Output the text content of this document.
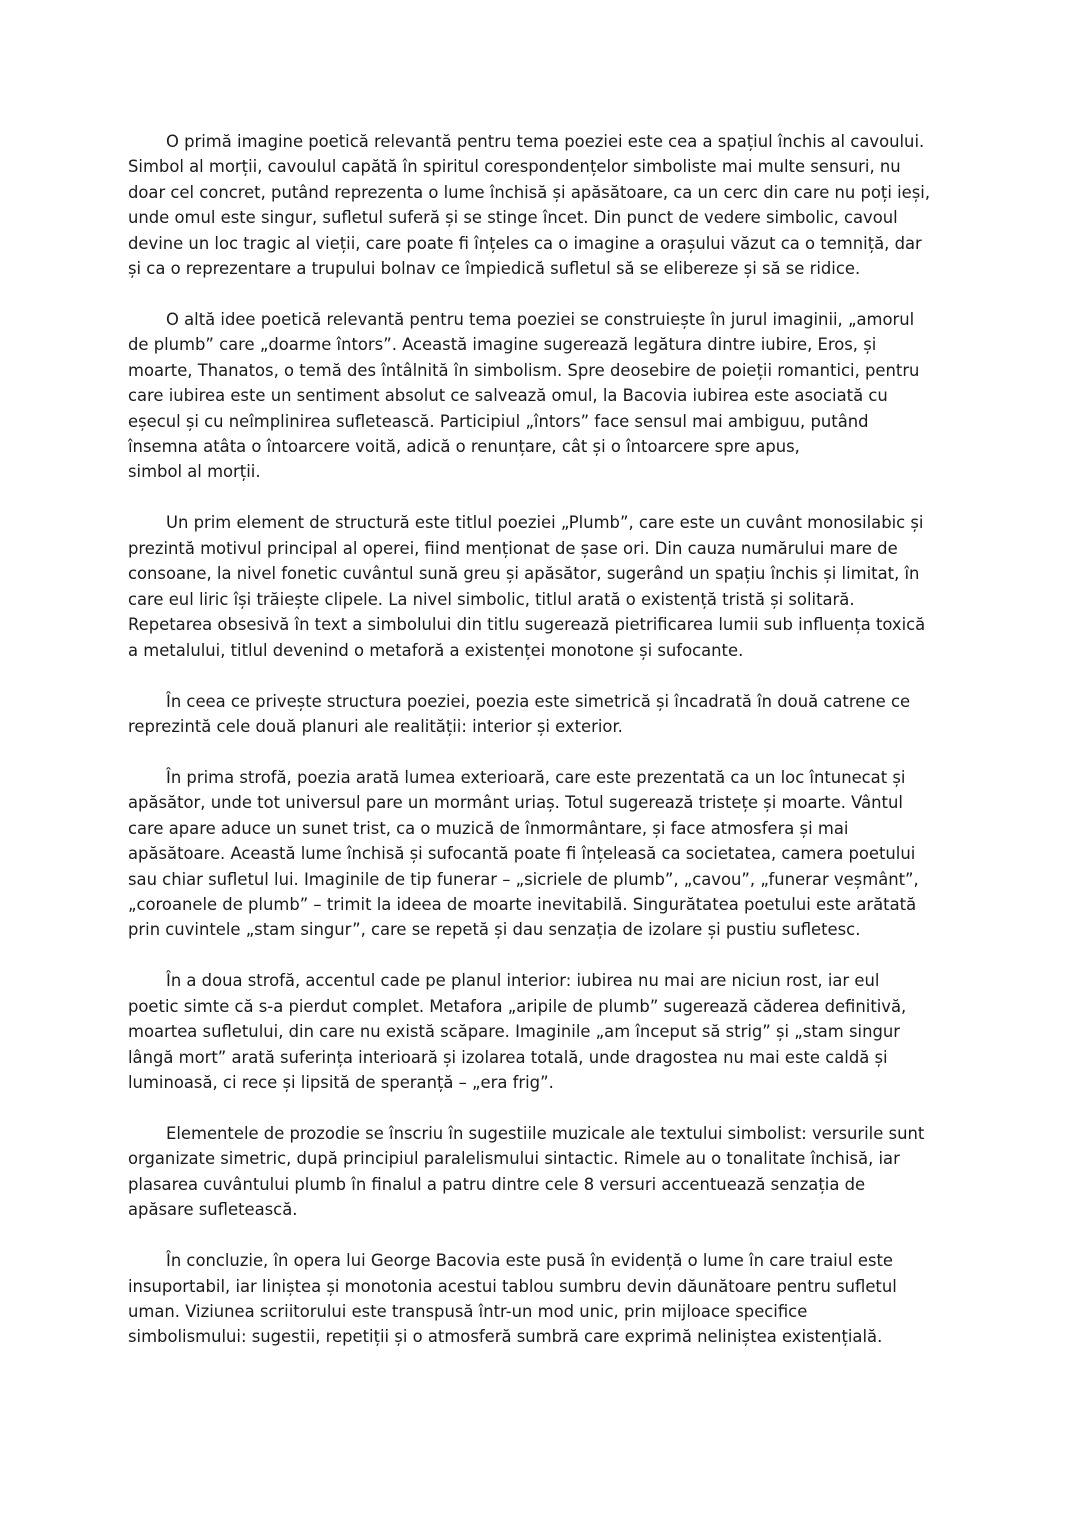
O primă imagine poetică relevantă pentru tema poeziei este cea a spațiul închis al cavoului.
Simbol al morții, cavoulul capătă în spiritul corespondențelor simboliste mai multe sensuri, nu
doar cel concret, putând reprezenta o lume închisă și apăsătoare, ca un cerc din care nu poți ieși,
unde omul este singur, sufletul suferă și se stinge încet. Din punct de vedere simbolic, cavoul
devine un loc tragic al vieții, care poate fi înțeles ca o imagine a orașului văzut ca o temniță, dar
și ca o reprezentare a trupului bolnav ce împiedică sufletul să se elibereze și să se ridice.

O altă idee poetică relevantă pentru tema poeziei se construiește în jurul imaginii, „amorul
de plumb” care „doarme întors”. Această imagine sugerează legătura dintre iubire, Eros, și
moarte, Thanatos, o temă des întâlnită în simbolism. Spre deosebire de poieții romantici, pentru
care iubirea este un sentiment absolut ce salvează omul, la Bacovia iubirea este asociată cu
eșecul și cu neîmplinirea sufletească. Participiul „întors” face sensul mai ambiguu, putând
însemna atâta o întoarcere voită, adică o renunțare, cât și o întoarcere spre apus,
simbol al morții.

Un prim element de structură este titlul poeziei „Plumb”, care este un cuvânt monosilabic și
prezintă motivul principal al operei, fiind menționat de șase ori. Din cauza numărului mare de
consoane, la nivel fonetic cuvântul sună greu și apăsător, sugerând un spațiu închis și limitat, în
care eul liric își trăiește clipele. La nivel simbolic, titlul arată o existență tristă și solitară.
Repetarea obsesivă în text a simbolului din titlu sugerează pietrificarea lumii sub influența toxică
a metalului, titlul devenind o metaforă a existenței monotone și sufocante.

În ceea ce privește structura poeziei, poezia este simetrică și încadrată în două catrene ce
reprezintă cele două planuri ale realității: interior și exterior.

În prima strofă, poezia arată lumea exterioară, care este prezentată ca un loc întunecat și
apăsător, unde tot universul pare un mormânt uriaș. Totul sugerează tristețe și moarte. Vântul
care apare aduce un sunet trist, ca o muzică de înmormântare, și face atmosfera și mai
apăsătoare. Această lume închisă și sufocantă poate fi înțeleasă ca societatea, camera poetului
sau chiar sufletul lui. Imaginile de tip funerar – „sicriele de plumb”, „cavou”, „funerar veșmânt”,
„coroanele de plumb” – trimit la ideea de moarte inevitabilă. Singurătatea poetului este arătată
prin cuvintele „stam singur”, care se repetă și dau senzația de izolare și pustiu sufletesc.

În a doua strofă, accentul cade pe planul interior: iubirea nu mai are niciun rost, iar eul
poetic simte că s-a pierdut complet. Metafora „aripile de plumb” sugerează căderea definitivă,
moartea sufletului, din care nu există scăpare. Imaginile „am început să strig” și „stam singur
lângă mort” arată suferința interioară și izolarea totală, unde dragostea nu mai este caldă și
luminoasă, ci rece și lipsită de speranță – „era frig”.

Elementele de prozodie se înscriu în sugestiile muzicale ale textului simbolist: versurile sunt
organizate simetric, după principiul paralelismului sintactic. Rimele au o tonalitate închisă, iar
plasarea cuvântului plumb în finalul a patru dintre cele 8 versuri accentuează senzația de
apăsare sufletească.

În concluzie, în opera lui George Bacovia este pusă în evidență o lume în care traiul este
insuportabil, iar liniștea și monotonia acestui tablou sumbru devin dăunătoare pentru sufletul
uman. Viziunea scriitorului este transpusă într-un mod unic, prin mijloace specifice
simbolismului: sugestii, repetiții și o atmosferă sumbră care exprimă neliniștea existențială.
